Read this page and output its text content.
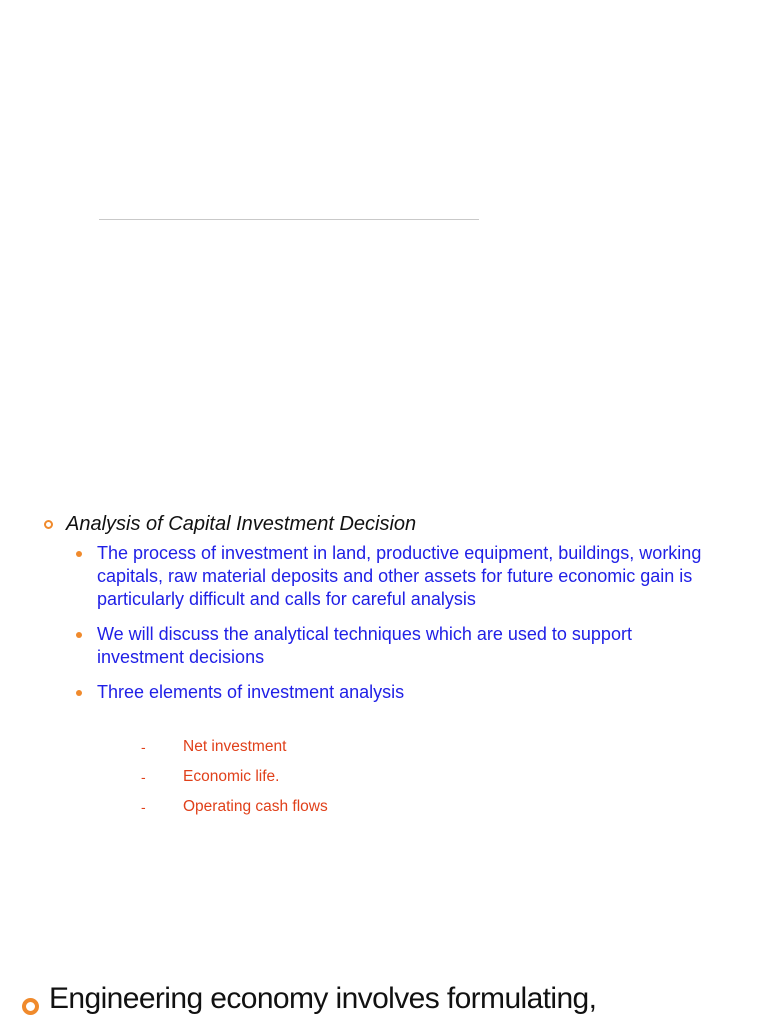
Analysis of Capital Investment Decision
The process of investment in land, productive equipment, buildings, working capitals, raw material deposits and other assets for future economic gain is particularly difficult and calls for careful analysis
We will discuss the analytical techniques which are used to support investment decisions
Three elements of investment analysis
- Net investment
- Economic life.
- Operating cash flows
Engineering economy involves formulating,
